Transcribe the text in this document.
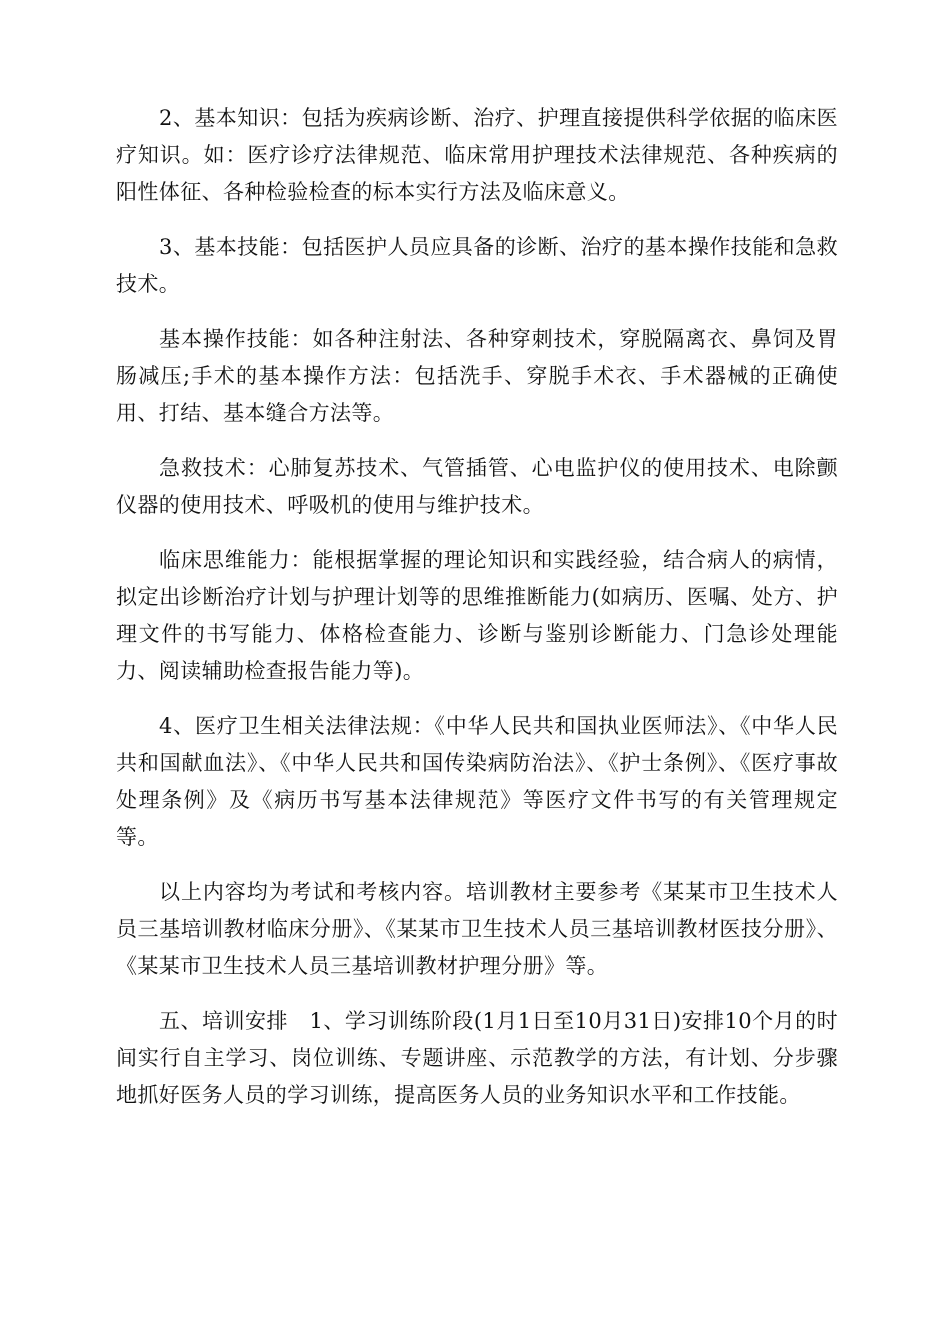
2、基本知识：包括为疾病诊断、治疗、护理直接提供科学依据的临床医疗知识。如：医疗诊疗法律规范、临床常用护理技术法律规范、各种疾病的阳性体征、各种检验检查的标本实行方法及临床意义。

3、基本技能：包括医护人员应具备的诊断、治疗的基本操作技能和急救技术。

基本操作技能：如各种注射法、各种穿刺技术，穿脱隔离衣、鼻饲及胃肠减压;手术的基本操作方法：包括洗手、穿脱手术衣、手术器械的正确使用、打结、基本缝合方法等。

急救技术：心肺复苏技术、气管插管、心电监护仪的使用技术、电除颤仪器的使用技术、呼吸机的使用与维护技术。

临床思维能力：能根据掌握的理论知识和实践经验，结合病人的病情，拟定出诊断治疗计划与护理计划等的思维推断能力(如病历、医嘱、处方、护理文件的书写能力、体格检查能力、诊断与鉴别诊断能力、门急诊处理能力、阅读辅助检查报告能力等)。

4、医疗卫生相关法律法规：《中华人民共和国执业医师法》、《中华人民共和国献血法》、《中华人民共和国传染病防治法》、《护士条例》、《医疗事故处理条例》及《病历书写基本法律规范》等医疗文件书写的有关管理规定等。

以上内容均为考试和考核内容。培训教材主要参考《某某市卫生技术人员三基培训教材临床分册》、《某某市卫生技术人员三基培训教材医技分册》、《某某市卫生技术人员三基培训教材护理分册》等。

五、培训安排　1、学习训练阶段(1月1日至10月31日)安排10个月的时间实行自主学习、岗位训练、专题讲座、示范教学的方法，有计划、分步骤地抓好医务人员的学习训练，提高医务人员的业务知识水平和工作技能。
